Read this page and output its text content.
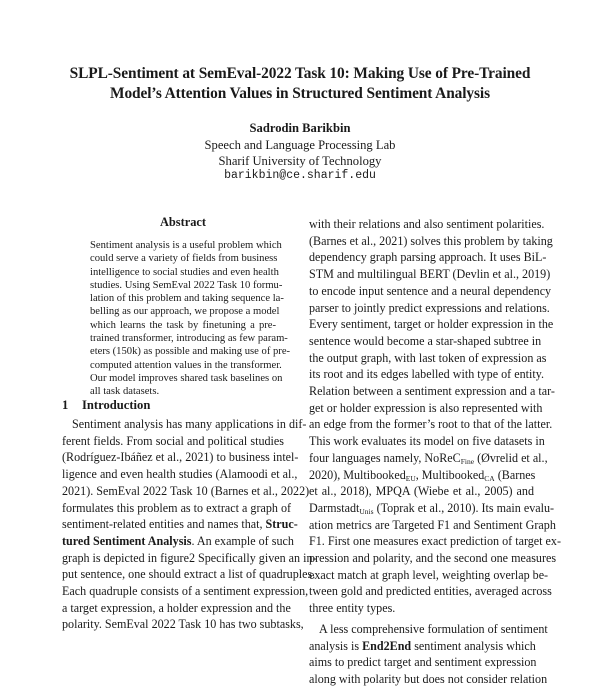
SLPL-Sentiment at SemEval-2022 Task 10: Making Use of Pre-Trained
Model’s Attention Values in Structured Sentiment Analysis
Sadrodin Barikbin
Speech and Language Processing Lab
Sharif University of Technology
barikbin@ce.sharif.edu
Abstract
Sentiment analysis is a useful problem which
could serve a variety of fields from business
intelligence to social studies and even health
studies. Using SemEval 2022 Task 10 formu-
lation of this problem and taking sequence la-
belling as our approach, we propose a model
which learns the task by finetuning a pre-
trained transformer, introducing as few param-
eters (150k) as possible and making use of pre-
computed attention values in the transformer.
Our model improves shared task baselines on
all task datasets.
1 Introduction
Sentiment analysis has many applications in dif-
ferent fields. From social and political studies
(Rodríguez-Ibáñez et al., 2021) to business intel-
ligence and even health studies (Alamoodi et al.,
2021). SemEval 2022 Task 10 (Barnes et al., 2022)
formulates this problem as to extract a graph of
sentiment-related entities and names that, Struc-
tured Sentiment Analysis. An example of such
graph is depicted in figure2 Specifically given an in-
put sentence, one should extract a list of quadruples.
Each quadruple consists of a sentiment expression,
a target expression, a holder expression and the
polarity. SemEval 2022 Task 10 has two subtasks,
with their relations and also sentiment polarities.
(Barnes et al., 2021) solves this problem by taking
dependency graph parsing approach. It uses BiL-
STM and multilingual BERT (Devlin et al., 2019)
to encode input sentence and a neural dependency
parser to jointly predict expressions and relations.
Every sentiment, target or holder expression in the
sentence would become a star-shaped subtree in
the output graph, with last token of expression as
its root and its edges labelled with type of entity.
Relation between a sentiment expression and a tar-
get or holder expression is also represented with
an edge from the former’s root to that of the latter.
This work evaluates its model on five datasets in
four languages namely, NoReC$_{Fine}$ (Øvrelid et al.,
2020), Multibooked$_{EU}$, Multibooked$_{CA}$ (Barnes
et al., 2018), MPQA (Wiebe et al., 2005) and
Darmstadt$_{Unis}$ (Toprak et al., 2010). Its main evalu-
ation metrics are Targeted F1 and Sentiment Graph
F1. First one measures exact prediction of target ex-
pression and polarity, and the second one measures
exact match at graph level, weighting overlap be-
tween gold and predicted entities, averaged across
three entity types.
A less comprehensive formulation of sentiment
analysis is End2End sentiment analysis which
aims to predict target and sentiment expression
along with polarity but does not consider relation
